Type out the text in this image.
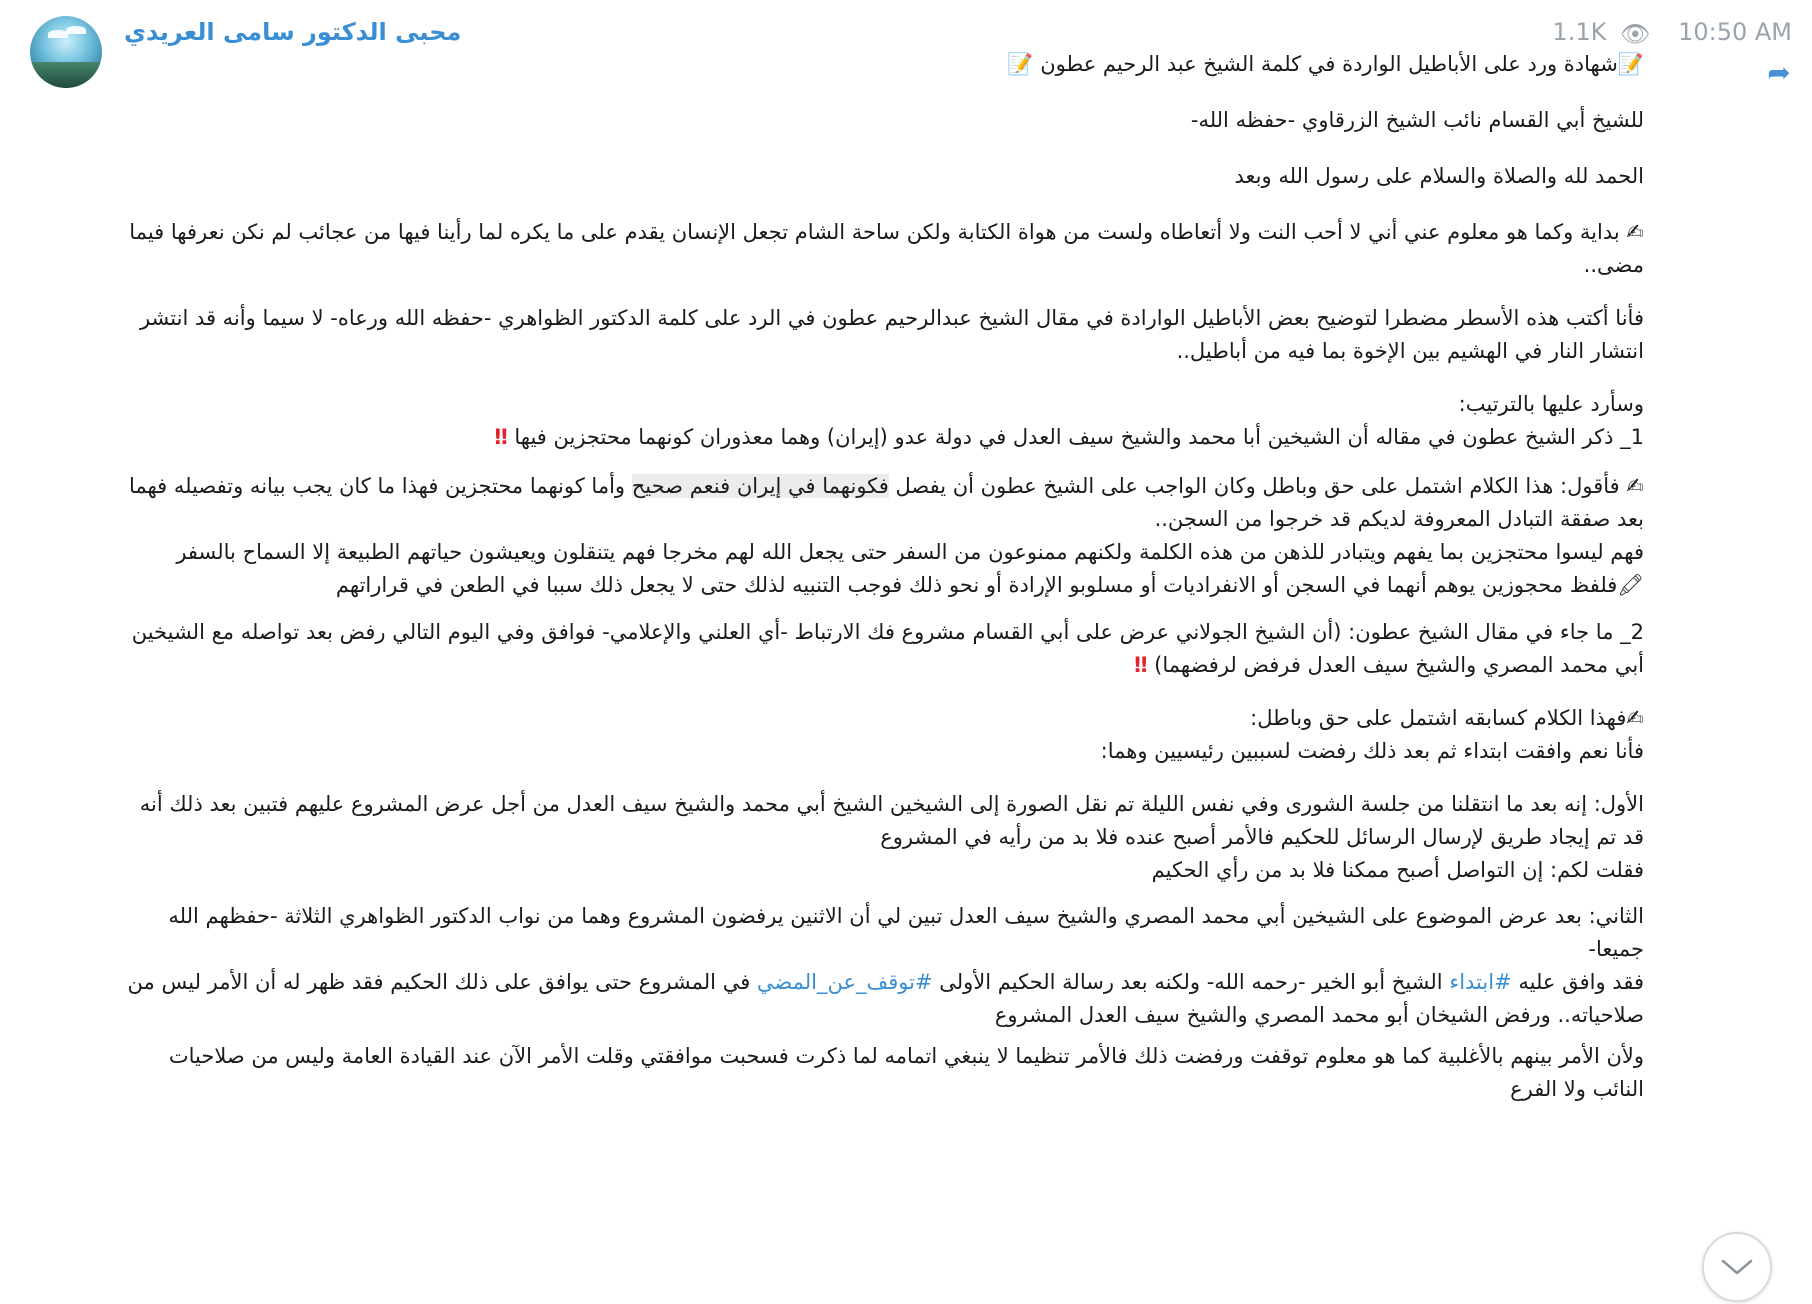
محبى الدكتور سامى العريدي	1.1K 👁 10:50 AM
➦
📝شهادة ورد على الأباطيل الواردة في كلمة الشيخ عبد الرحيم عطون 📝
للشيخ أبي القسام نائب الشيخ الزرقاوي -حفظه الله-
الحمد لله والصلاة والسلام على رسول الله وبعد

✍ بداية وكما هو معلوم عني أني لا أحب النت ولا أتعاطاه ولست من هواة الكتابة ولكن ساحة الشام تجعل الإنسان يقدم على ما يكره لما رأينا فيها من عجائب لم نكن نعرفها فيما مضى..

فأنا أكتب هذه الأسطر مضطرا لتوضيح بعض الأباطيل الوارادة في مقال الشيخ عبدالرحيم عطون في الرد على كلمة الدكتور الظواهري -حفظه الله ورعاه- لا سيما وأنه قد انتشر انتشار النار في الهشيم بين الإخوة بما فيه من أباطيل..

وسأرد عليها بالترتيب:

1_ ذكر الشيخ عطون في مقاله أن الشيخين أبا محمد والشيخ سيف العدل في دولة عدو (إيران) وهما معذوران كونهما محتجزين فيها ‼

✍ فأقول: هذا الكلام اشتمل على حق وباطل وكان الواجب على الشيخ عطون أن يفصل فكونهما في إيران فنعم صحيح وأما كونهما محتجزين فهذا ما كان يجب بيانه وتفصيله فهما بعد صفقة التبادل المعروفة لديكم قد خرجوا من السجن..

فهم ليسوا محتجزين بما يفهم ويتبادر للذهن من هذه الكلمة ولكنهم ممنوعون من السفر حتى يجعل الله لهم مخرجا فهم يتنقلون ويعيشون حياتهم الطبيعة إلا السماح بالسفر

🖍فلفظ محجوزين يوهم أنهما في السجن أو الانفراديات أو مسلوبو الإرادة أو نحو ذلك فوجب التنبيه لذلك حتى لا يجعل ذلك سببا في الطعن في قراراتهم

2_ ما جاء في مقال الشيخ عطون: (أن الشيخ الجولاني عرض على أبي القسام مشروع فك الارتباط -أي العلني والإعلامي- فوافق وفي اليوم التالي رفض بعد تواصله مع الشيخين أبي محمد المصري والشيخ سيف العدل فرفض لرفضهما) ‼

✍فهذا الكلام كسابقه اشتمل على حق وباطل:

فأنا نعم وافقت ابتداء ثم بعد ذلك رفضت لسببين رئيسيين وهما:

الأول: إنه بعد ما انتقلنا من جلسة الشورى وفي نفس الليلة تم نقل الصورة إلى الشيخين الشيخ أبي محمد والشيخ سيف العدل من أجل عرض المشروع عليهم فتبين بعد ذلك أنه قد تم إيجاد طريق لإرسال الرسائل للحكيم فالأمر أصبح عنده فلا بد من رأيه في المشروع

فقلت لكم: إن التواصل أصبح ممكنا فلا بد من رأي الحكيم

الثاني: بعد عرض الموضوع على الشيخين أبي محمد المصري والشيخ سيف العدل تبين لي أن الاثنين يرفضون المشروع وهما من نواب الدكتور الظواهري الثلاثة -حفظهم الله جميعا-

فقد وافق عليه #ابتداء الشيخ أبو الخير -رحمه الله- ولكنه بعد رسالة الحكيم الأولى #توقف_عن_المضي في المشروع حتى يوافق على ذلك الحكيم فقد ظهر له أن الأمر ليس من صلاحياته.. ورفض الشيخان أبو محمد المصري والشيخ سيف العدل المشروع

ولأن الأمر بينهم بالأغلبية كما هو معلوم توقفت ورفضت ذلك فالأمر تنظيما لا ينبغي اتمامه لما ذكرت فسحبت موافقتي وقلت الأمر الآن عند القيادة العامة وليس من صلاحيات النائب ولا الفرع
